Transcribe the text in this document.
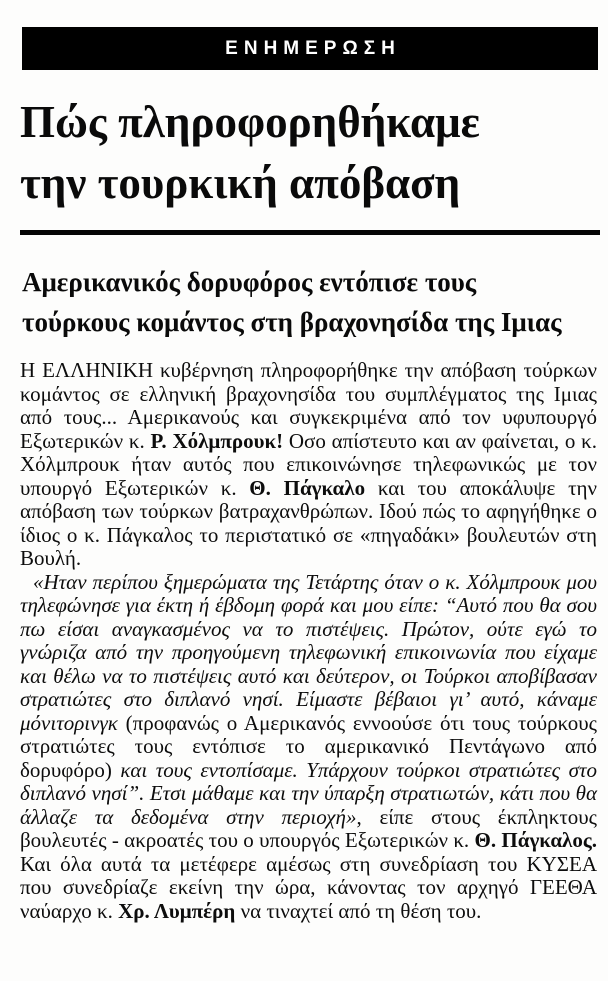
ΕΝΗΜΕΡΩΣΗ
Πώς πληροφορηθήκαμε
την τουρκική απόβαση
Αμερικανικός δορυφόρος εντόπισε τους
τούρκους κομάντος στη βραχονησίδα της Ιμιας

Η ΕΛΛΗΝΙΚΗ κυβέρνηση πληροφορήθηκε την απόβαση τούρκων κομάντος σε ελληνική βραχονησίδα του συμπλέγματος της Ιμιας από τους... Αμερικανούς και συγκεκριμένα από τον υφυπουργό Εξωτερικών κ. Ρ. Χόλμπρουκ! Οσο απίστευτο και αν φαίνεται, ο κ. Χόλμπρουκ ήταν αυτός που επικοινώνησε τηλεφωνικώς με τον υπουργό Εξωτερικών κ. Θ. Πάγκαλο και του αποκάλυψε την απόβαση των τούρκων βατραχανθρώπων. Ιδού πώς το αφηγήθηκε ο ίδιος ο κ. Πάγκαλος το περιστατικό σε «πηγαδάκι» βουλευτών στη Βουλή.

«Ηταν περίπου ξημερώματα της Τετάρτης όταν ο κ. Χόλμπρουκ μου τηλεφώνησε για έκτη ή έβδομη φορά και μου είπε: “Αυτό που θα σου πω είσαι αναγκασμένος να το πιστέψεις. Πρώτον, ούτε εγώ το γνώριζα από την προηγούμενη τηλεφωνική επικοινωνία που είχαμε και θέλω να το πιστέψεις αυτό και δεύτερον, οι Τούρκοι αποβίβασαν στρατιώτες στο διπλανό νησί. Είμαστε βέβαιοι γι’ αυτό, κάναμε μόνιτορινγκ (προφανώς ο Αμερικανός εννοούσε ότι τους τούρκους στρατιώτες τους εντόπισε το αμερικανικό Πεντάγωνο από δορυφόρο) και τους εντοπίσαμε. Υπάρχουν τούρκοι στρατιώτες στο διπλανό νησί”. Ετσι μάθαμε και την ύπαρξη στρατιωτών, κάτι που θα άλλαζε τα δεδομένα στην περιοχή», είπε στους έκπληκτους βουλευτές - ακροατές του ο υπουργός Εξωτερικών κ. Θ. Πάγκαλος. Και όλα αυτά τα μετέφερε αμέσως στη συνεδρίαση του ΚΥΣΕΑ που συνεδρίαζε εκείνη την ώρα, κάνοντας τον αρχηγό ΓΕΕΘΑ ναύαρχο κ. Χρ. Λυμπέρη να τιναχτεί από τη θέση του.
